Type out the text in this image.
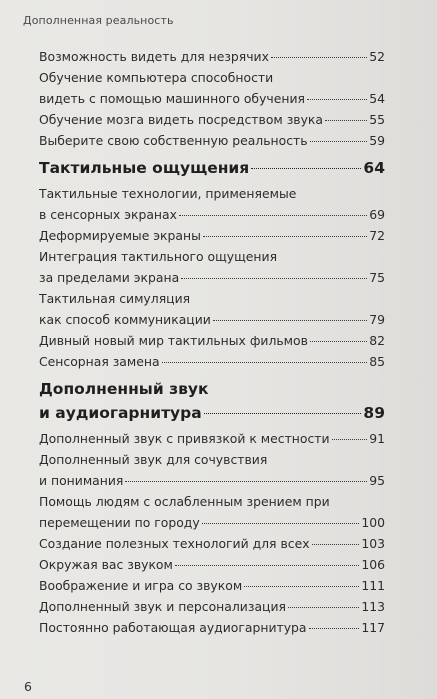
Дополненная реальность
Возможность видеть для незрячих	52
Обучение компьютера способности
видеть с помощью машинного обучения	54
Обучение мозга видеть посредством звука	55
Выберите свою собственную реальность	59
Тактильные ощущения	64
Тактильные технологии, применяемые
в сенсорных экранах	69
Деформируемые экраны	72
Интеграция тактильного ощущения
за пределами экрана	75
Тактильная симуляция
как способ коммуникации	79
Дивный новый мир тактильных фильмов	82
Сенсорная замена	85
Дополненный звук
и аудиогарнитура	89
Дополненный звук с привязкой к местности	91
Дополненный звук для сочувствия
и понимания	95
Помощь людям с ослабленным зрением при
перемещении по городу	100
Создание полезных технологий для всех	103
Окружая вас звуком	106
Воображение и игра со звуком	111
Дополненный звук и персонализация	113
Постоянно работающая аудиогарнитура	117
6
